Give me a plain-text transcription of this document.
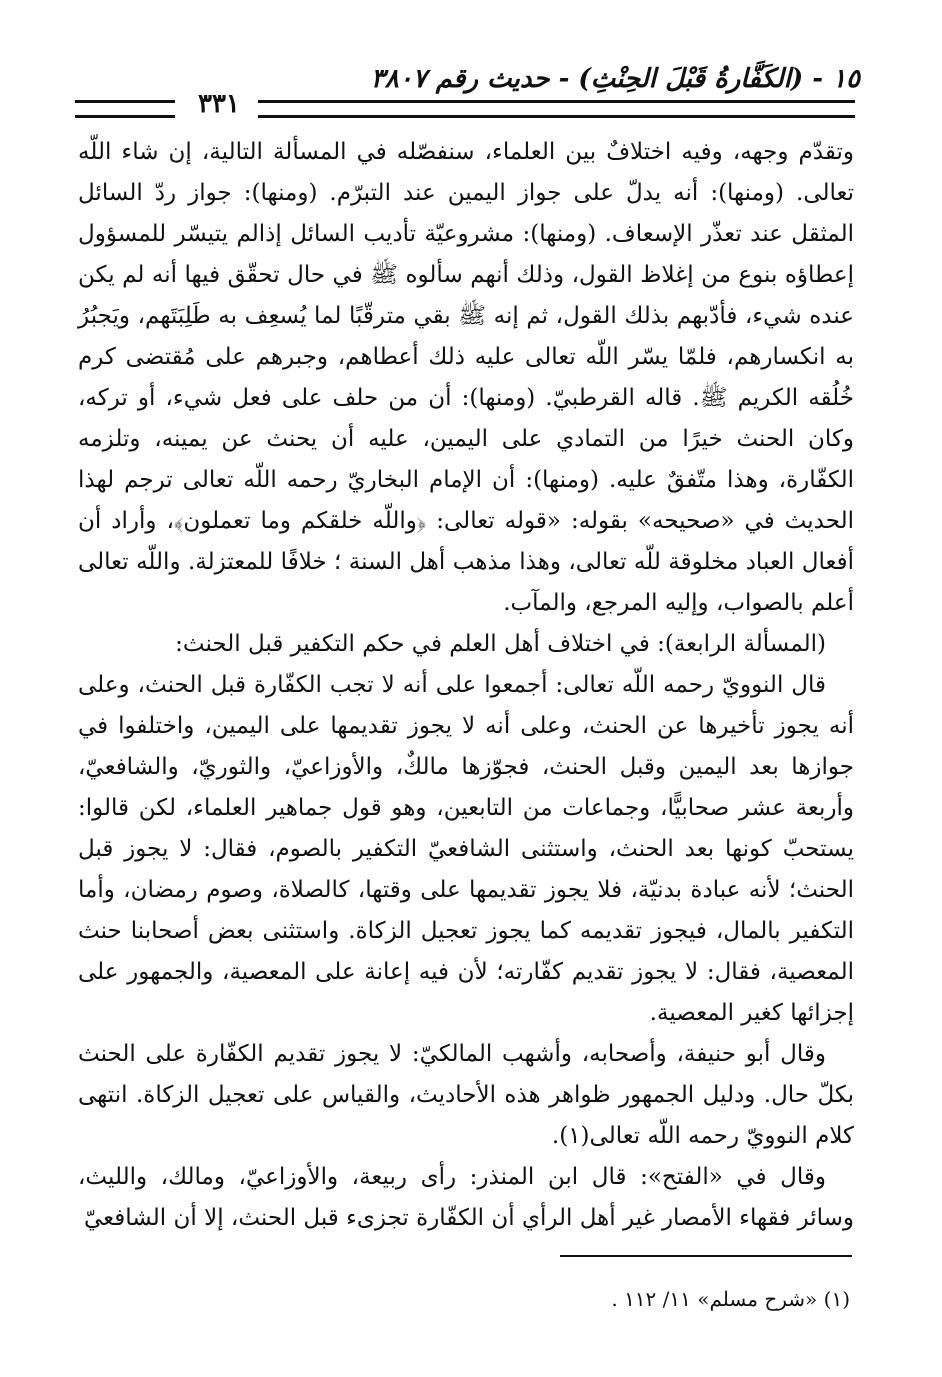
١٥ - (الكَفَّارةُ قَبْلَ الحِنْثِ) - حديث رقم ٣٨٠٧
٣٣١

وتقدّم وجهه، وفيه اختلافٌ بين العلماء، سنفصّله في المسألة التالية، إن شاء اللّه تعالى. (ومنها): أنه يدلّ على جواز اليمين عند التبرّم. (ومنها): جواز ردّ السائل المثقل عند تعذّر الإسعاف. (ومنها): مشروعيّة تأديب السائل إذالم يتيسّر للمسؤول إعطاؤه بنوع من إغلاظ القول، وذلك أنهم سألوه ﷺ في حال تحقّق فيها أنه لم يكن عنده شيء، فأدّبهم بذلك القول، ثم إنه ﷺ بقي مترقّبًا لما يُسعِف به طَلِبَتَهم، ويَجبُرُ به انكسارهم، فلمّا يسّر اللّه تعالى عليه ذلك أعطاهم، وجبرهم على مُقتضى كرم خُلُقه الكريم ﷺ. قاله القرطبيّ. (ومنها): أن من حلف على فعل شيء، أو تركه، وكان الحنث خيرًا من التمادي على اليمين، عليه أن يحنث عن يمينه، وتلزمه الكفّارة، وهذا متّفقٌ عليه. (ومنها): أن الإمام البخاريّ رحمه اللّه تعالى ترجم لهذا الحديث في «صحيحه» بقوله: «قوله تعالى: ﴿واللّه خلقكم وما تعملون﴾، وأراد أن أفعال العباد مخلوقة للّه تعالى، وهذا مذهب أهل السنة ؛ خلافًا للمعتزلة. واللّه تعالى أعلم بالصواب، وإليه المرجع، والمآب.

(المسألة الرابعة): في اختلاف أهل العلم في حكم التكفير قبل الحنث:

قال النوويّ رحمه اللّه تعالى: أجمعوا على أنه لا تجب الكفّارة قبل الحنث، وعلى أنه يجوز تأخيرها عن الحنث، وعلى أنه لا يجوز تقديمها على اليمين، واختلفوا في جوازها بعد اليمين وقبل الحنث، فجوّزها مالكٌ، والأوزاعيّ، والثوريّ، والشافعيّ، وأربعة عشر صحابيًّا، وجماعات من التابعين، وهو قول جماهير العلماء، لكن قالوا: يستحبّ كونها بعد الحنث، واستثنى الشافعيّ التكفير بالصوم، فقال: لا يجوز قبل الحنث؛ لأنه عبادة بدنيّة، فلا يجوز تقديمها على وقتها، كالصلاة، وصوم رمضان، وأما التكفير بالمال، فيجوز تقديمه كما يجوز تعجيل الزكاة. واستثنى بعض أصحابنا حنث المعصية، فقال: لا يجوز تقديم كفّارته؛ لأن فيه إعانة على المعصية، والجمهور على إجزائها كغير المعصية.

وقال أبو حنيفة، وأصحابه، وأشهب المالكيّ: لا يجوز تقديم الكفّارة على الحنث بكلّ حال. ودليل الجمهور ظواهر هذه الأحاديث، والقياس على تعجيل الزكاة. انتهى كلام النوويّ رحمه اللّه تعالى(١).

وقال في «الفتح»: قال ابن المنذر: رأى ربيعة، والأوزاعيّ، ومالك، والليث، وسائر فقهاء الأمصار غير أهل الرأي أن الكفّارة تجزىء قبل الحنث، إلا أن الشافعيّ

(١) «شرح مسلم» ١١/ ١١٢ .
